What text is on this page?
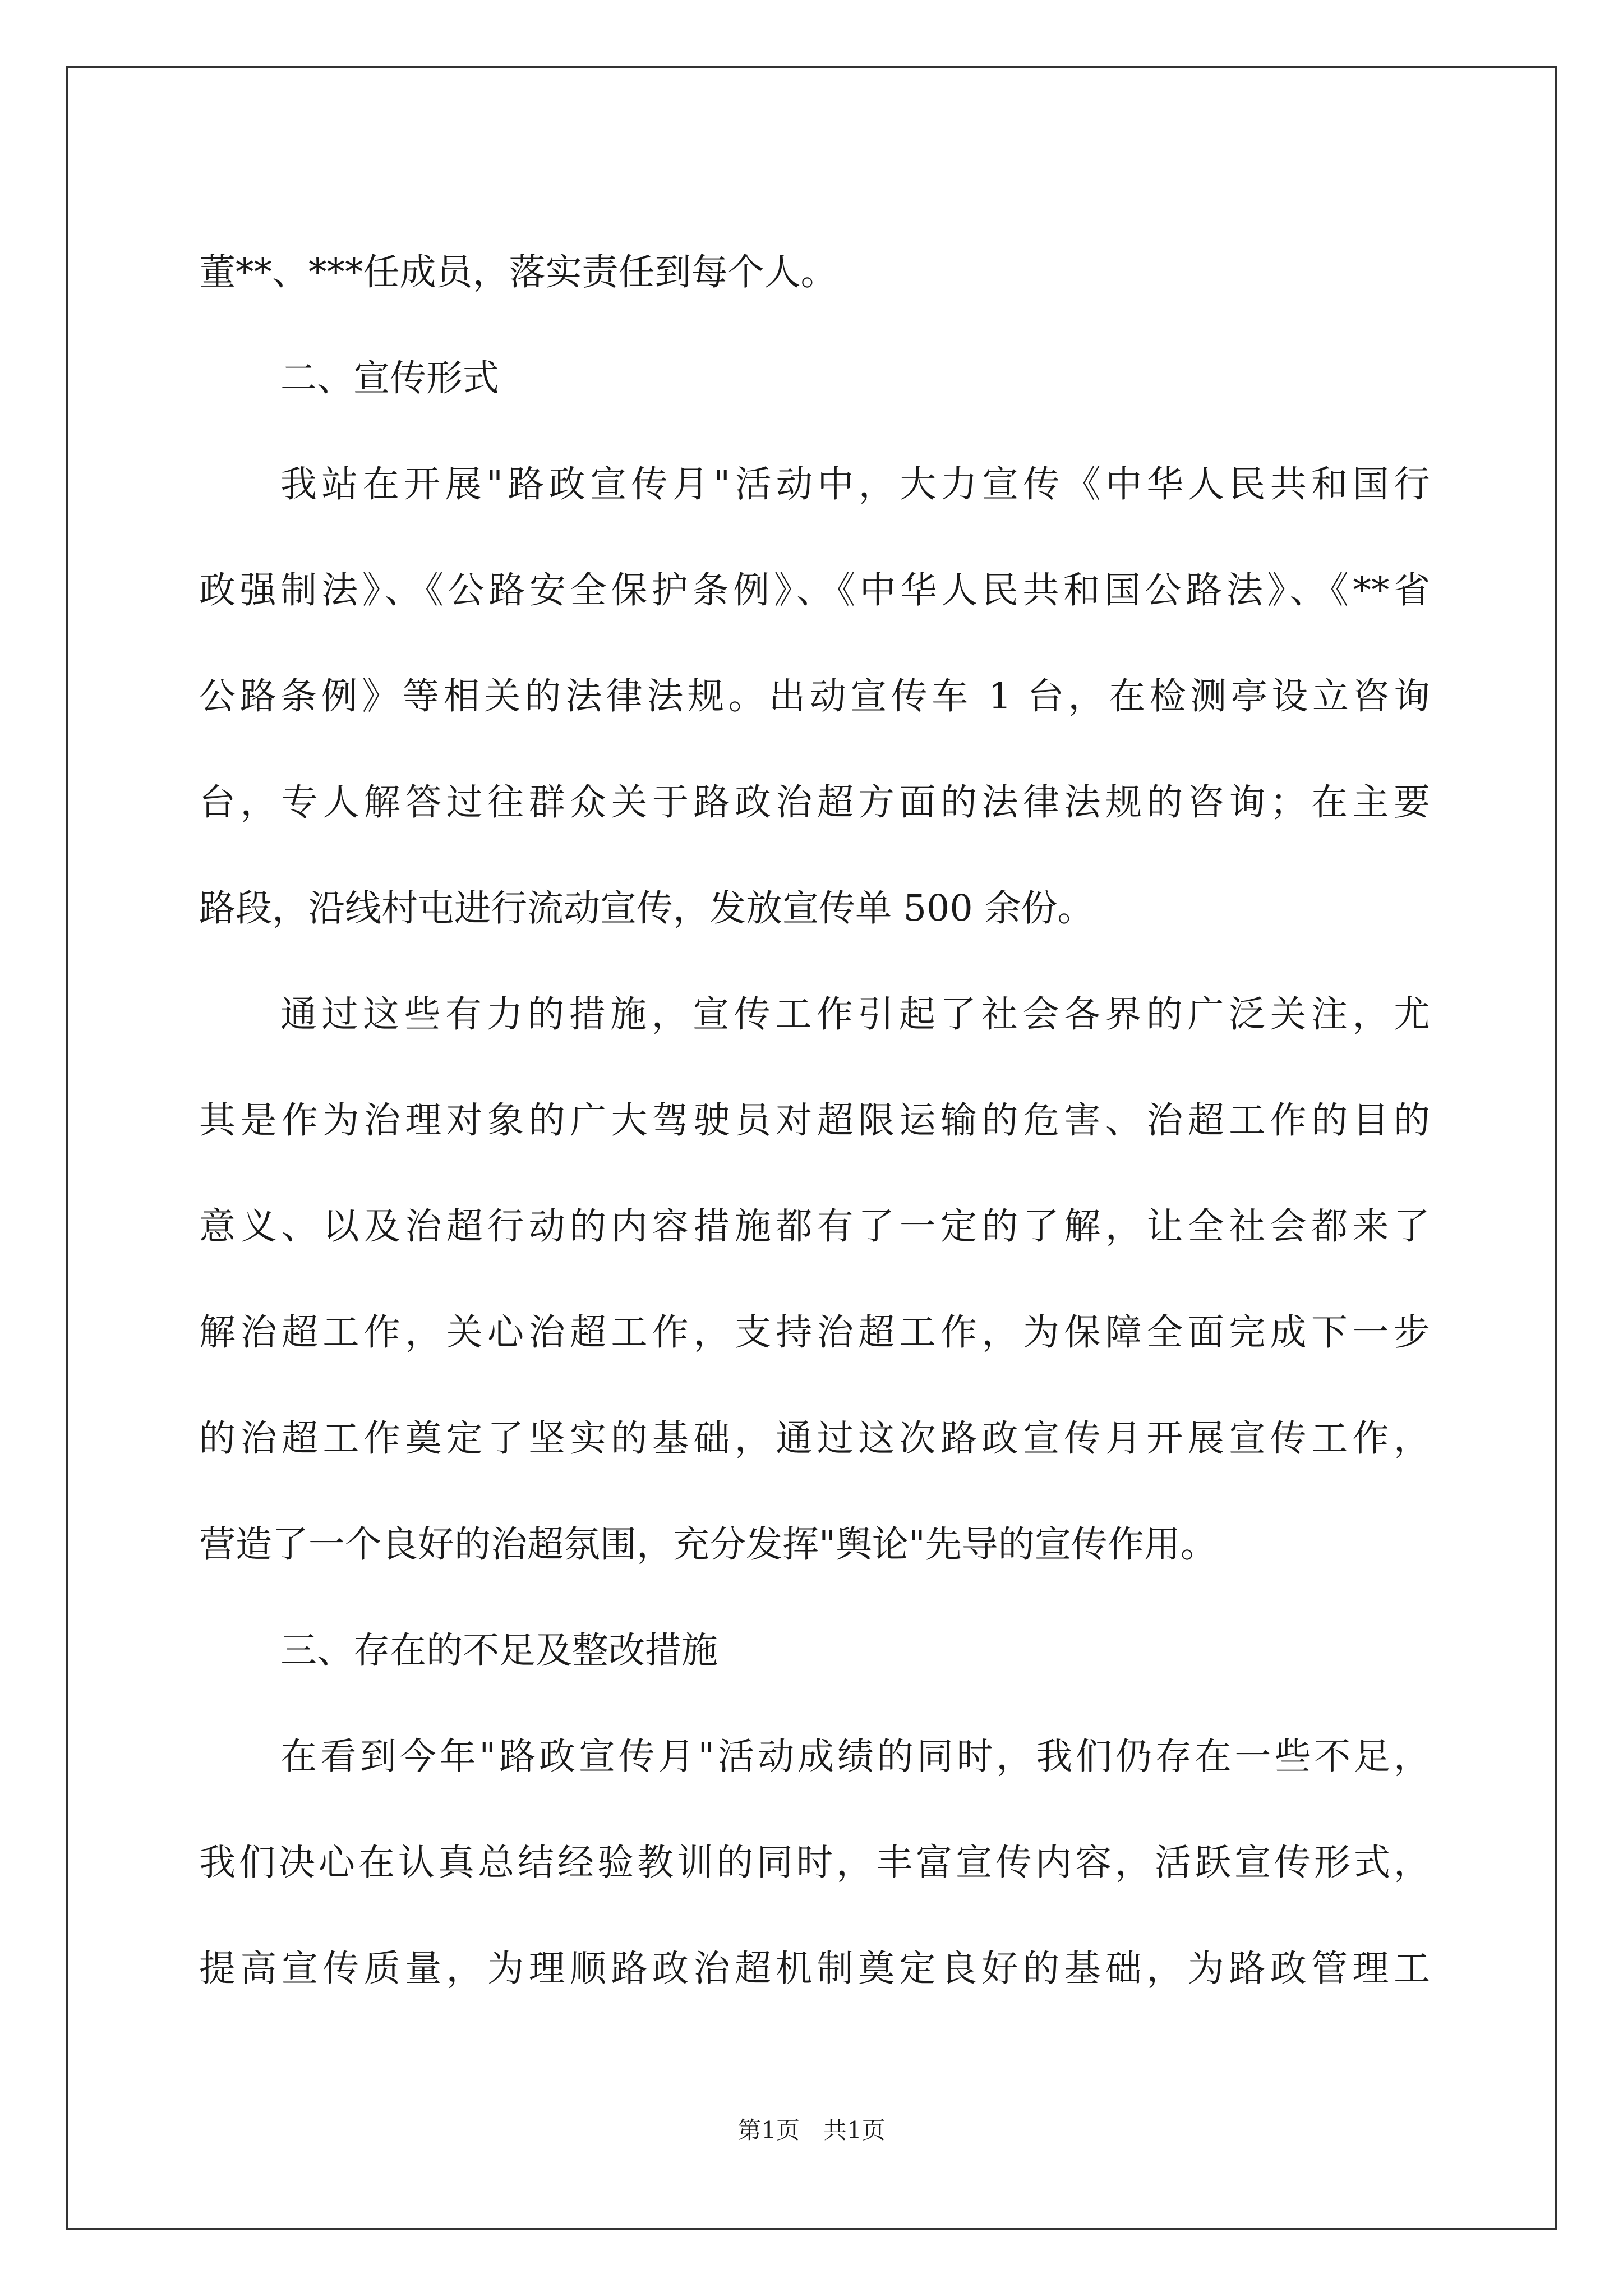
董**、***任成员，落实责任到每个人。
二、宣传形式
我站在开展"路政宣传月"活动中，大力宣传《中华人民共和国行
政强制法》、《公路安全保护条例》、《中华人民共和国公路法》、《**省
公路条例》等相关的法律法规。出动宣传车 1 台，在检测亭设立咨询
台，专人解答过往群众关于路政治超方面的法律法规的咨询；在主要
路段，沿线村屯进行流动宣传，发放宣传单 500 余份。
通过这些有力的措施，宣传工作引起了社会各界的广泛关注，尤
其是作为治理对象的广大驾驶员对超限运输的危害、治超工作的目的
意义、以及治超行动的内容措施都有了一定的了解，让全社会都来了
解治超工作，关心治超工作，支持治超工作，为保障全面完成下一步
的治超工作奠定了坚实的基础，通过这次路政宣传月开展宣传工作，
营造了一个良好的治超氛围，充分发挥"舆论"先导的宣传作用。
三、存在的不足及整改措施
在看到今年"路政宣传月"活动成绩的同时，我们仍存在一些不足，
我们决心在认真总结经验教训的同时，丰富宣传内容，活跃宣传形式，
提高宣传质量，为理顺路政治超机制奠定良好的基础，为路政管理工
第1页　共1页
